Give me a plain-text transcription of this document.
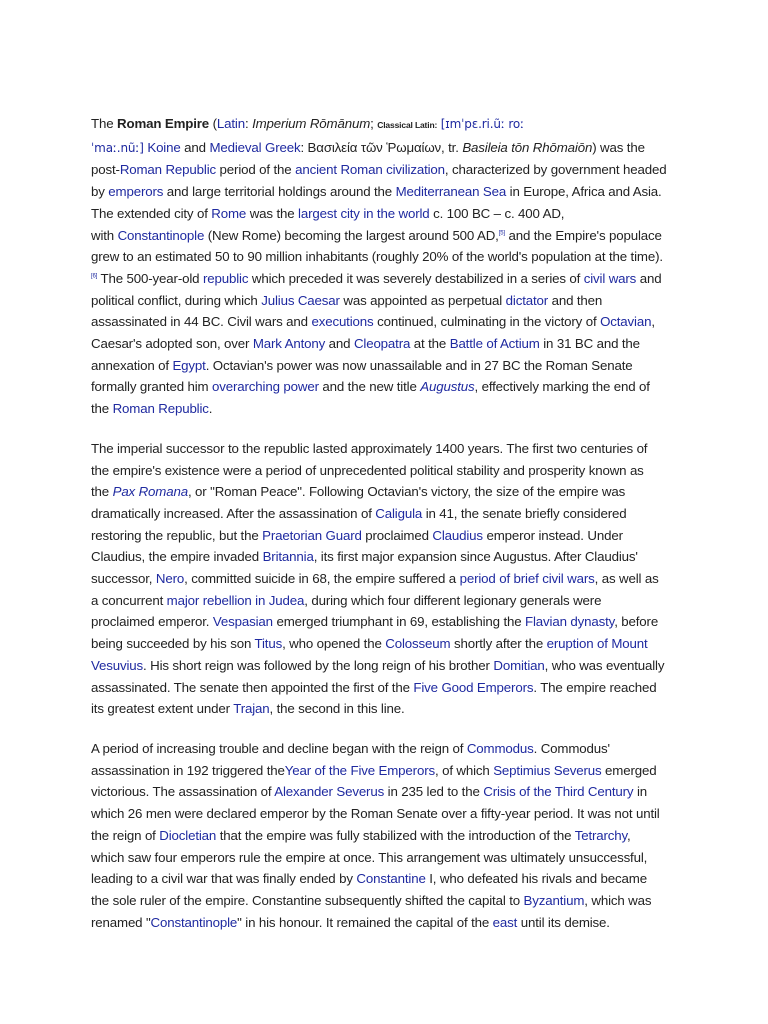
The Roman Empire (Latin: Imperium Rōmānum; Classical Latin: [ɪmˈpɛ.ri.ũː roː
ˈmaː.nũː] Koine and Medieval Greek: Βασιλεία τῶν Ῥωμαίων, tr. Basileia tōn Rhōmaiōn) was the
post-Roman Republic period of the ancient Roman civilization, characterized by government headed
by emperors and large territorial holdings around the Mediterranean Sea in Europe, Africa and Asia.
The extended city of Rome was the largest city in the world c. 100 BC – c. 400 AD,
with Constantinople (New Rome) becoming the largest around 500 AD,[5] and the Empire's populace
grew to an estimated 50 to 90 million inhabitants (roughly 20% of the world's population at the time).
[6] The 500-year-old republic which preceded it was severely destabilized in a series of civil wars and
political conflict, during which Julius Caesar was appointed as perpetual dictator and then
assassinated in 44 BC. Civil wars and executions continued, culminating in the victory of Octavian,
Caesar's adopted son, over Mark Antony and Cleopatra at the Battle of Actium in 31 BC and the
annexation of Egypt. Octavian's power was now unassailable and in 27 BC the Roman Senate
formally granted him overarching power and the new title Augustus, effectively marking the end of
the Roman Republic.

The imperial successor to the republic lasted approximately 1400 years. The first two centuries of
the empire's existence were a period of unprecedented political stability and prosperity known as
the Pax Romana, or "Roman Peace". Following Octavian's victory, the size of the empire was
dramatically increased. After the assassination of Caligula in 41, the senate briefly considered
restoring the republic, but the Praetorian Guard proclaimed Claudius emperor instead. Under
Claudius, the empire invaded Britannia, its first major expansion since Augustus. After Claudius'
successor, Nero, committed suicide in 68, the empire suffered a period of brief civil wars, as well as
a concurrent major rebellion in Judea, during which four different legionary generals were
proclaimed emperor. Vespasian emerged triumphant in 69, establishing the Flavian dynasty, before
being succeeded by his son Titus, who opened the Colosseum shortly after the eruption of Mount
Vesuvius. His short reign was followed by the long reign of his brother Domitian, who was eventually
assassinated. The senate then appointed the first of the Five Good Emperors. The empire reached
its greatest extent under Trajan, the second in this line.

A period of increasing trouble and decline began with the reign of Commodus. Commodus'
assassination in 192 triggered theYear of the Five Emperors, of which Septimius Severus emerged
victorious. The assassination of Alexander Severus in 235 led to the Crisis of the Third Century in
which 26 men were declared emperor by the Roman Senate over a fifty-year period. It was not until
the reign of Diocletian that the empire was fully stabilized with the introduction of the Tetrarchy,
which saw four emperors rule the empire at once. This arrangement was ultimately unsuccessful,
leading to a civil war that was finally ended by Constantine I, who defeated his rivals and became
the sole ruler of the empire. Constantine subsequently shifted the capital to Byzantium, which was
renamed "Constantinople" in his honour. It remained the capital of the east until its demise.
